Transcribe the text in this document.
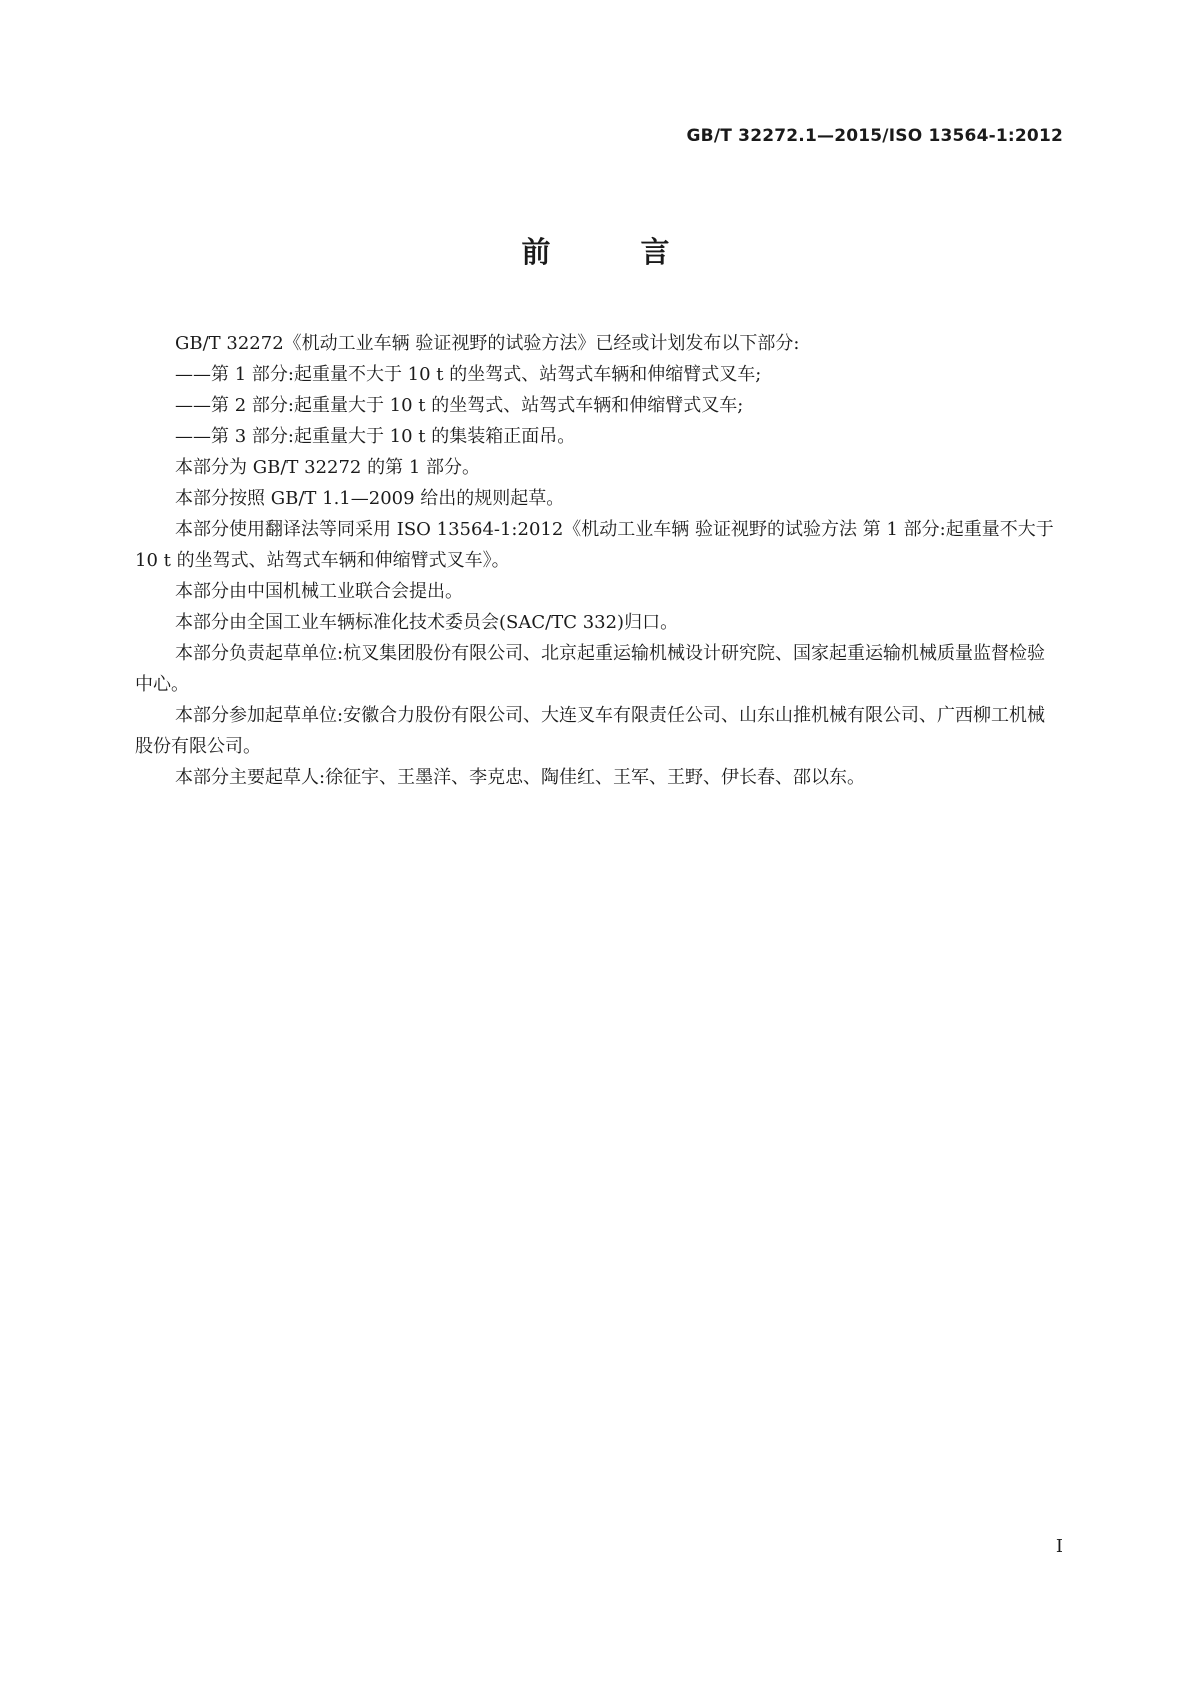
GB/T 32272.1—2015/ISO 13564-1:2012
前 言

GB/T 32272《机动工业车辆 验证视野的试验方法》已经或计划发布以下部分:

——第 1 部分:起重量不大于 10 t 的坐驾式、站驾式车辆和伸缩臂式叉车;

——第 2 部分:起重量大于 10 t 的坐驾式、站驾式车辆和伸缩臂式叉车;

——第 3 部分:起重量大于 10 t 的集装箱正面吊。

本部分为 GB/T 32272 的第 1 部分。

本部分按照 GB/T 1.1—2009 给出的规则起草。

本部分使用翻译法等同采用 ISO 13564-1:2012《机动工业车辆 验证视野的试验方法 第 1 部分:起重量不大于 10 t 的坐驾式、站驾式车辆和伸缩臂式叉车》。

本部分由中国机械工业联合会提出。

本部分由全国工业车辆标准化技术委员会(SAC/TC 332)归口。

本部分负责起草单位:杭叉集团股份有限公司、北京起重运输机械设计研究院、国家起重运输机械质量监督检验中心。

本部分参加起草单位:安徽合力股份有限公司、大连叉车有限责任公司、山东山推机械有限公司、广西柳工机械股份有限公司。

本部分主要起草人:徐征宇、王墨洋、李克忠、陶佳红、王军、王野、伊长春、邵以东。

I
